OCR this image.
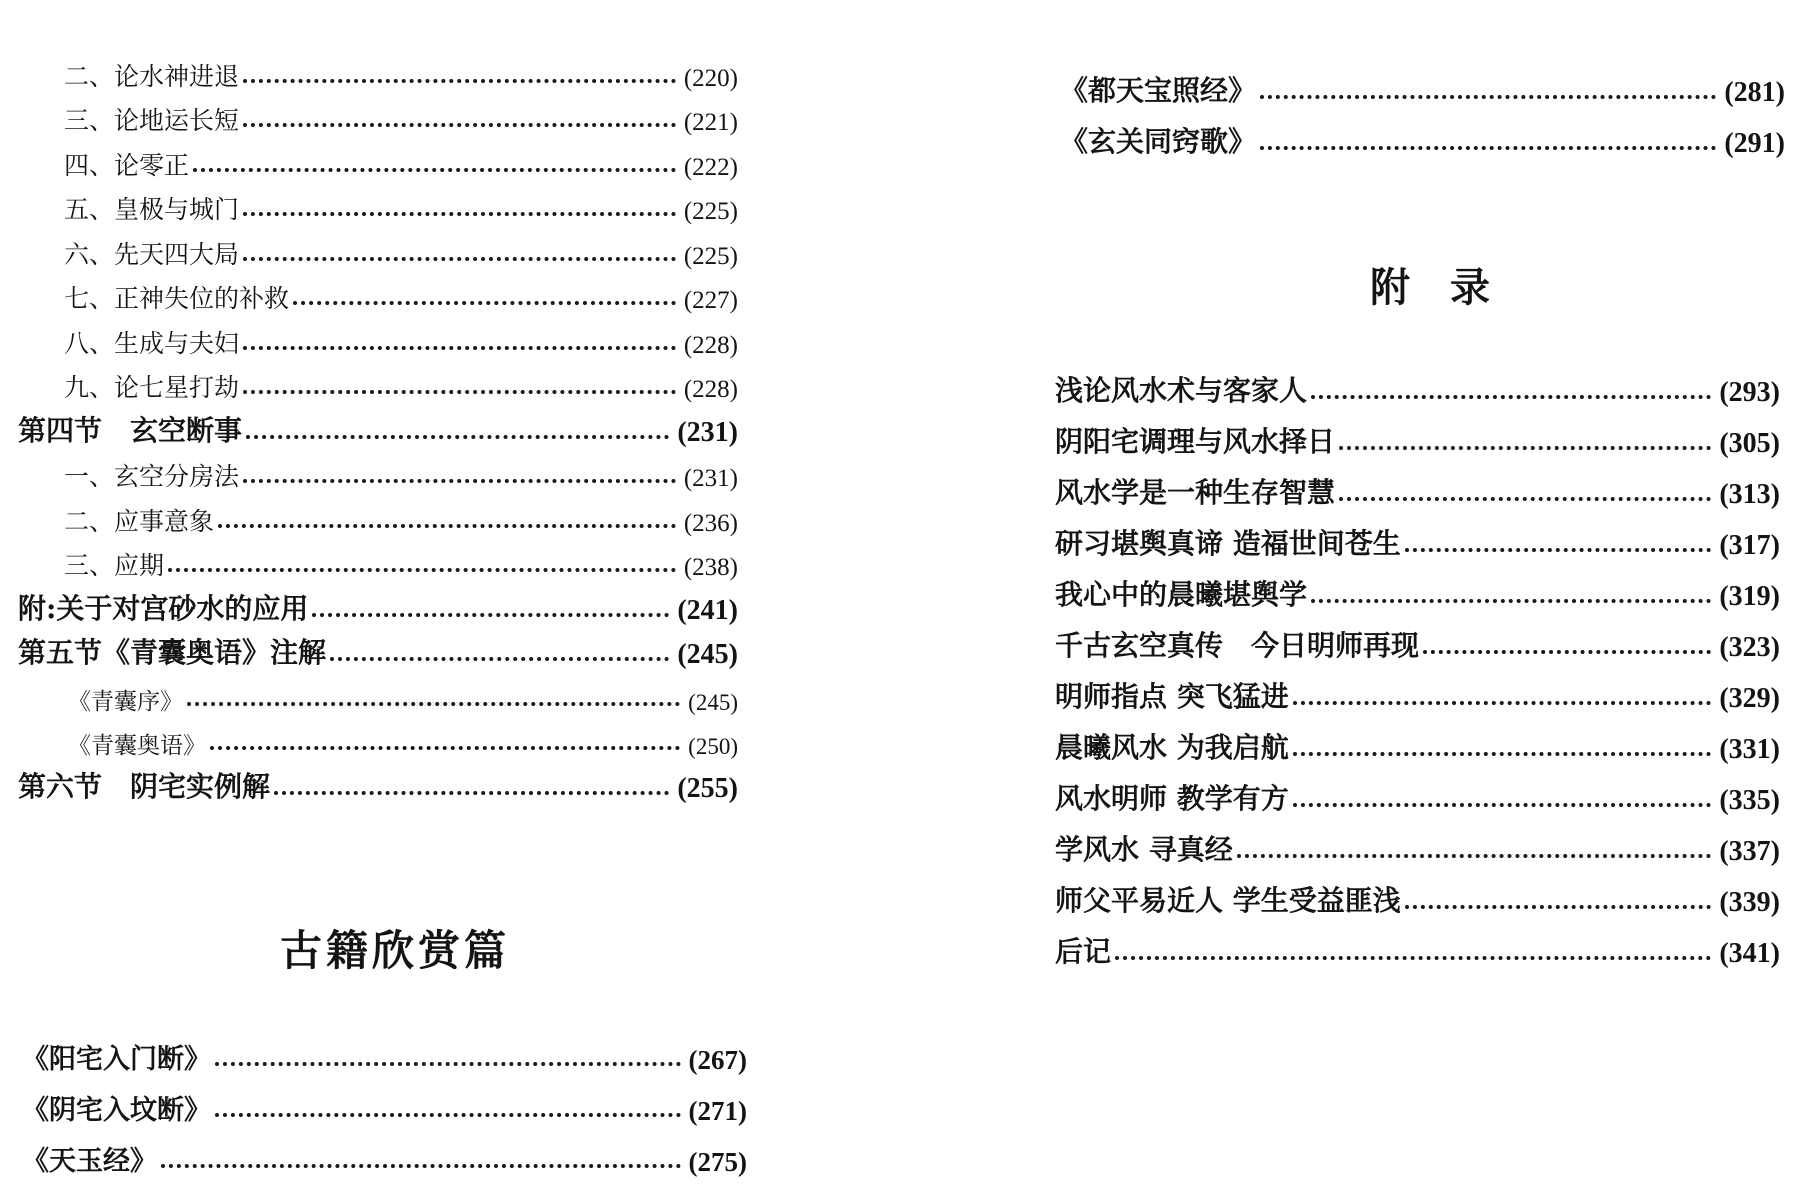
二、论水神进退	(220)
三、论地运长短	(221)
四、论零正	(222)
五、皇极与城门	(225)
六、先天四大局	(225)
七、正神失位的补救	(227)
八、生成与夫妇	(228)
九、论七星打劫	(228)
第四节　玄空断事	(231)
一、玄空分房法	(231)
二、应事意象	(236)
三、应期	(238)
附:关于对宫砂水的应用	(241)
第五节《青囊奥语》注解	(245)
《青囊序》	(245)
《青囊奥语》	(250)
第六节　阴宅实例解	(255)
古籍欣赏篇
《阳宅入门断》	(267)
《阴宅入坟断》	(271)
《天玉经》	(275)
《都天宝照经》	(281)
《玄关同窍歌》	(291)
附录
浅论风水术与客家人	(293)
阴阳宅调理与风水择日	(305)
风水学是一种生存智慧	(313)
研习堪舆真谛 造福世间苍生	(317)
我心中的晨曦堪舆学	(319)
千古玄空真传　今日明师再现	(323)
明师指点 突飞猛进	(329)
晨曦风水 为我启航	(331)
风水明师 教学有方	(335)
学风水 寻真经	(337)
师父平易近人 学生受益匪浅	(339)
后记	(341)
